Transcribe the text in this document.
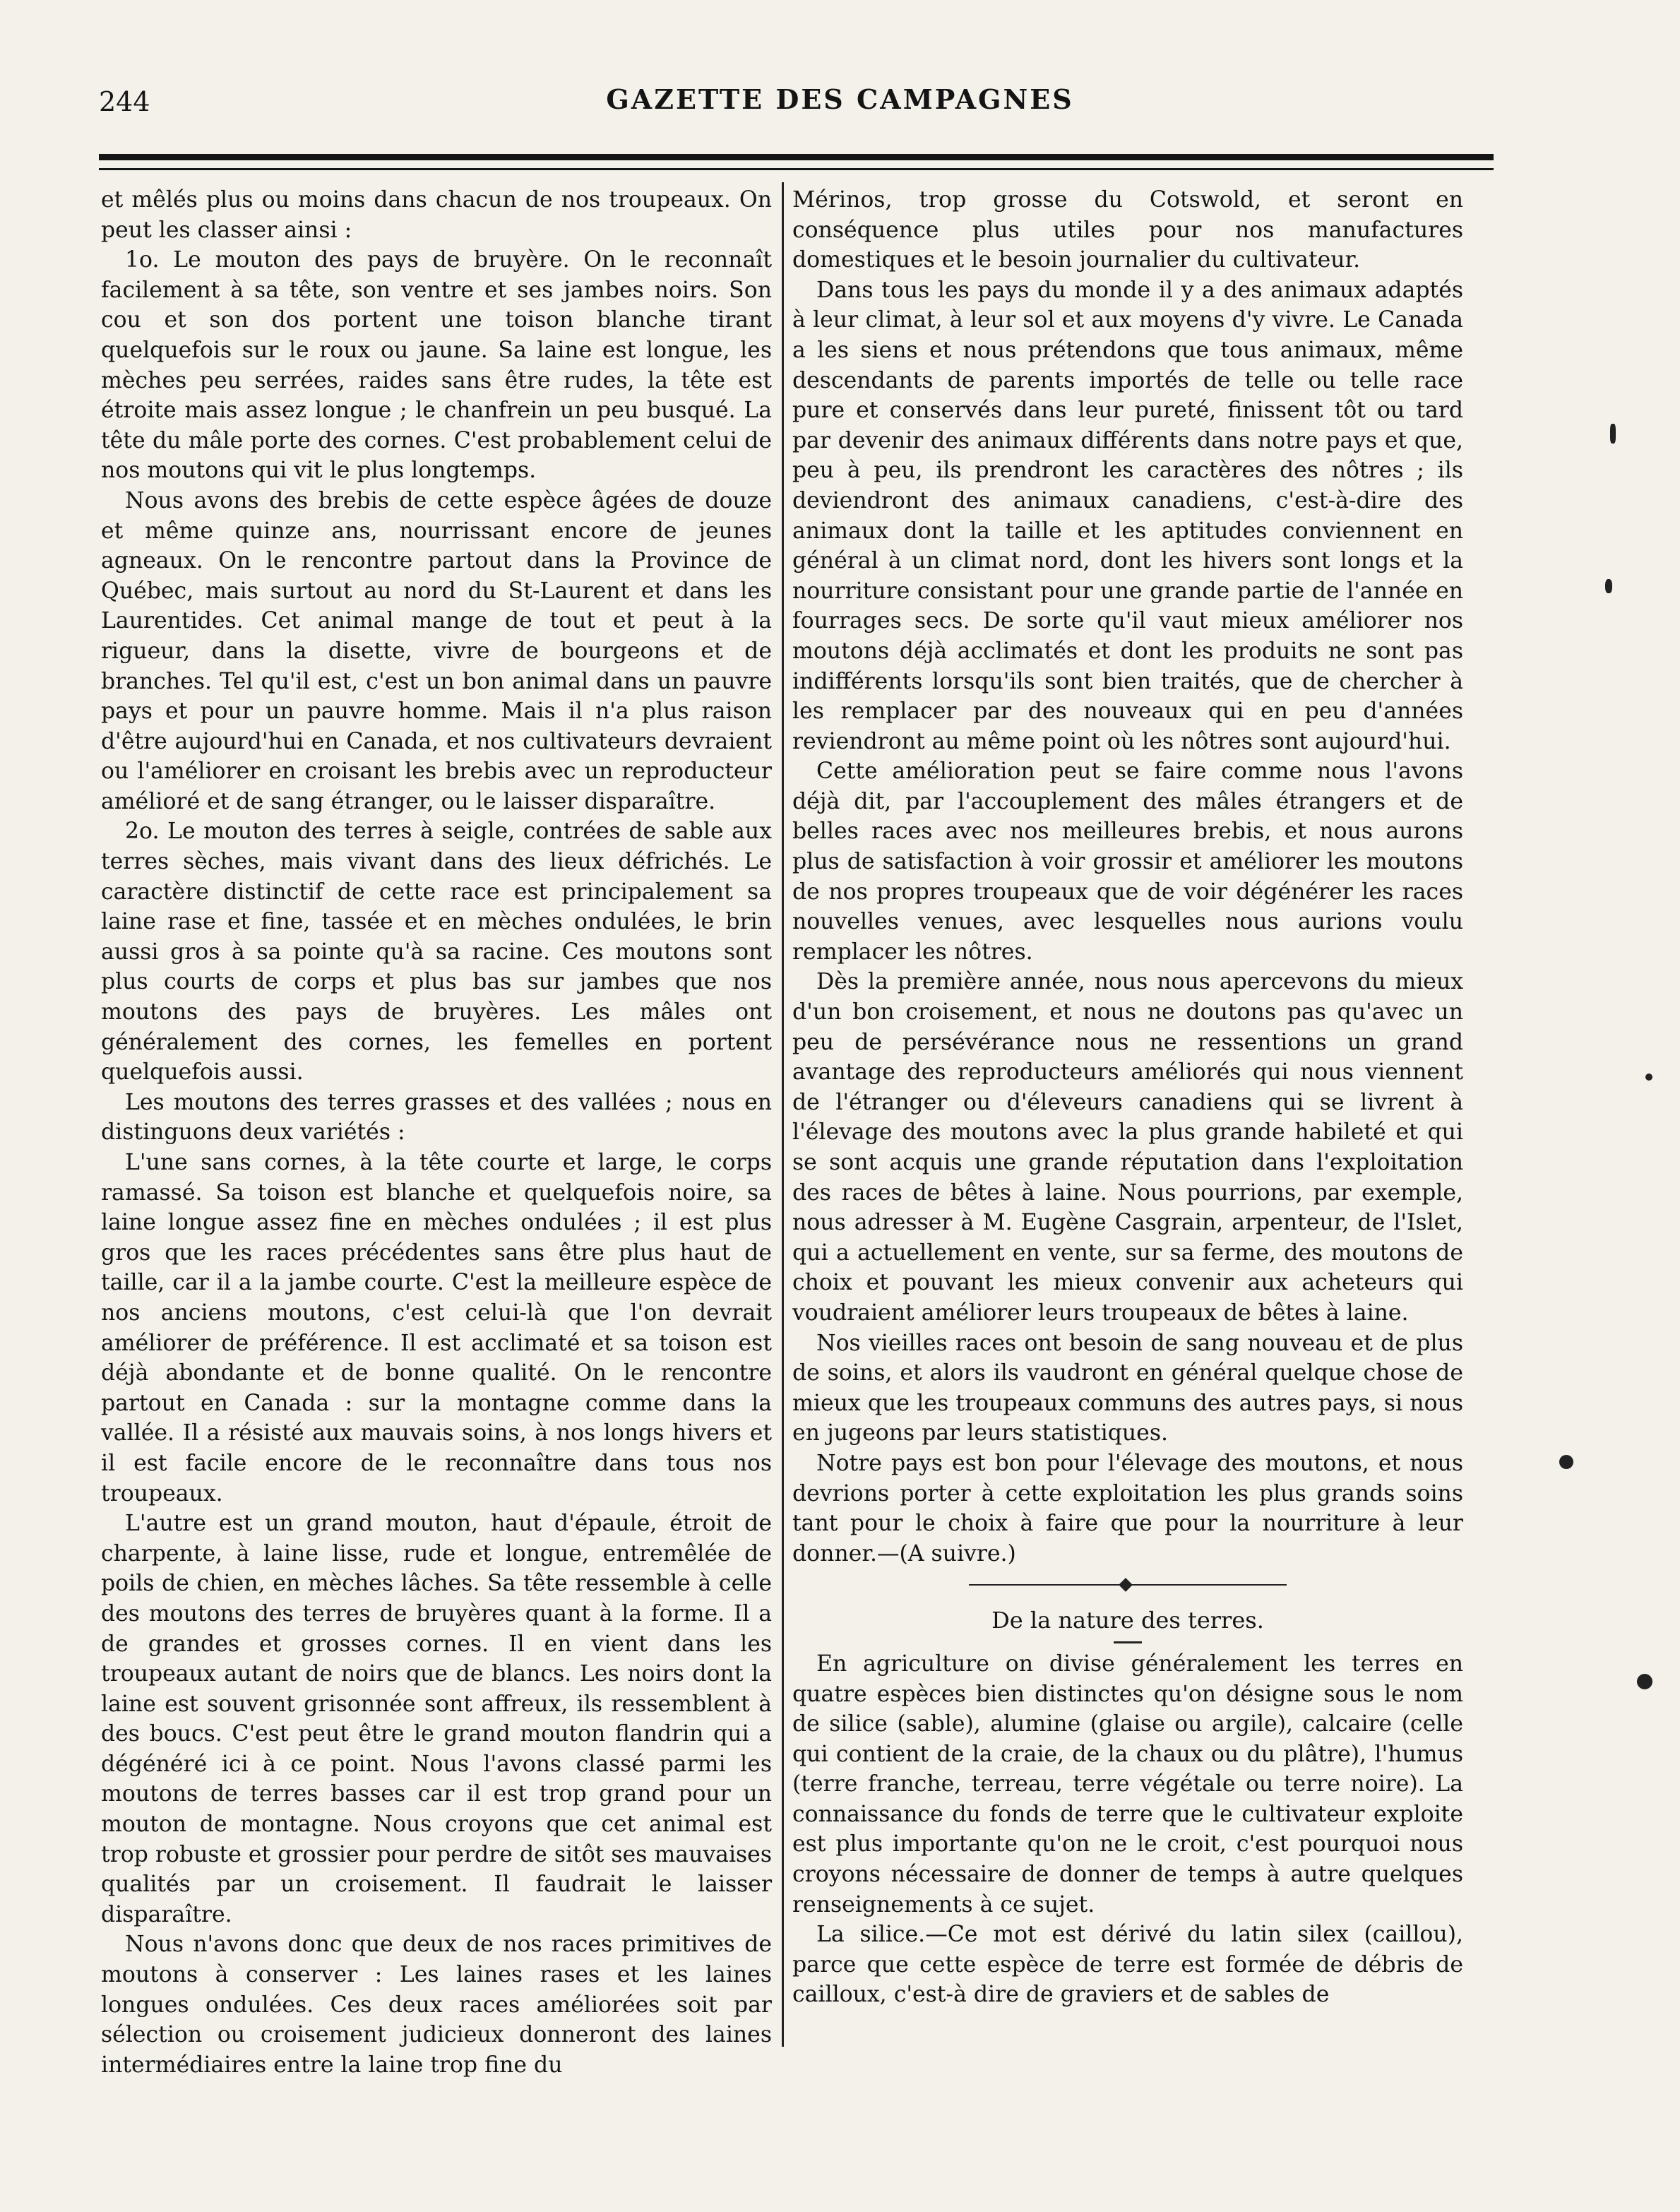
244	GAZETTE DES CAMPAGNES

et mêlés plus ou moins dans chacun de nos troupeaux. On peut les classer ainsi :

1o. Le mouton des pays de bruyère. On le reconnaît facilement à sa tête, son ventre et ses jambes noirs. Son cou et son dos portent une toison blanche tirant quelquefois sur le roux ou jaune. Sa laine est longue, les mèches peu serrées, raides sans être rudes, la tête est étroite mais assez longue ; le chanfrein un peu busqué. La tête du mâle porte des cornes. C'est probablement celui de nos moutons qui vit le plus longtemps.

Nous avons des brebis de cette espèce âgées de douze et même quinze ans, nourrissant encore de jeunes agneaux. On le rencontre partout dans la Province de Québec, mais surtout au nord du St-Laurent et dans les Laurentides. Cet animal mange de tout et peut à la rigueur, dans la disette, vivre de bourgeons et de branches. Tel qu'il est, c'est un bon animal dans un pauvre pays et pour un pauvre homme. Mais il n'a plus raison d'être aujourd'hui en Canada, et nos cultivateurs devraient ou l'améliorer en croisant les brebis avec un reproducteur amélioré et de sang étranger, ou le laisser disparaître.

2o. Le mouton des terres à seigle, contrées de sable aux terres sèches, mais vivant dans des lieux défrichés. Le caractère distinctif de cette race est principalement sa laine rase et fine, tassée et en mèches ondulées, le brin aussi gros à sa pointe qu'à sa racine. Ces moutons sont plus courts de corps et plus bas sur jambes que nos moutons des pays de bruyères. Les mâles ont généralement des cornes, les femelles en portent quelquefois aussi.

Les moutons des terres grasses et des vallées ; nous en distinguons deux variétés :

L'une sans cornes, à la tête courte et large, le corps ramassé. Sa toison est blanche et quelquefois noire, sa laine longue assez fine en mèches ondulées ; il est plus gros que les races précédentes sans être plus haut de taille, car il a la jambe courte. C'est la meilleure espèce de nos anciens moutons, c'est celui-là que l'on devrait améliorer de préférence. Il est acclimaté et sa toison est déjà abondante et de bonne qualité. On le rencontre partout en Canada : sur la montagne comme dans la vallée. Il a résisté aux mauvais soins, à nos longs hivers et il est facile encore de le reconnaître dans tous nos troupeaux.

L'autre est un grand mouton, haut d'épaule, étroit de charpente, à laine lisse, rude et longue, entremêlée de poils de chien, en mèches lâches. Sa tête ressemble à celle des moutons des terres de bruyères quant à la forme. Il a de grandes et grosses cornes. Il en vient dans les troupeaux autant de noirs que de blancs. Les noirs dont la laine est souvent grisonnée sont affreux, ils ressemblent à des boucs. C'est peut être le grand mouton flandrin qui a dégénéré ici à ce point. Nous l'avons classé parmi les moutons de terres basses car il est trop grand pour un mouton de montagne. Nous croyons que cet animal est trop robuste et grossier pour perdre de sitôt ses mauvaises qualités par un croisement. Il faudrait le laisser disparaître.

Nous n'avons donc que deux de nos races primitives de moutons à conserver : Les laines rases et les laines longues ondulées. Ces deux races améliorées soit par sélection ou croisement judicieux donneront des laines intermédiaires entre la laine trop fine du

Mérinos, trop grosse du Cotswold, et seront en conséquence plus utiles pour nos manufactures domestiques et le besoin journalier du cultivateur.

Dans tous les pays du monde il y a des animaux adaptés à leur climat, à leur sol et aux moyens d'y vivre. Le Canada a les siens et nous prétendons que tous animaux, même descendants de parents importés de telle ou telle race pure et conservés dans leur pureté, finissent tôt ou tard par devenir des animaux différents dans notre pays et que, peu à peu, ils prendront les caractères des nôtres ; ils deviendront des animaux canadiens, c'est-à-dire des animaux dont la taille et les aptitudes conviennent en général à un climat nord, dont les hivers sont longs et la nourriture consistant pour une grande partie de l'année en fourrages secs. De sorte qu'il vaut mieux améliorer nos moutons déjà acclimatés et dont les produits ne sont pas indifférents lorsqu'ils sont bien traités, que de chercher à les remplacer par des nouveaux qui en peu d'années reviendront au même point où les nôtres sont aujourd'hui.

Cette amélioration peut se faire comme nous l'avons déjà dit, par l'accouplement des mâles étrangers et de belles races avec nos meilleures brebis, et nous aurons plus de satisfaction à voir grossir et améliorer les moutons de nos propres troupeaux que de voir dégénérer les races nouvelles venues, avec lesquelles nous aurions voulu remplacer les nôtres.

Dès la première année, nous nous apercevons du mieux d'un bon croisement, et nous ne doutons pas qu'avec un peu de persévérance nous ne ressentions un grand avantage des reproducteurs améliorés qui nous viennent de l'étranger ou d'éleveurs canadiens qui se livrent à l'élevage des moutons avec la plus grande habileté et qui se sont acquis une grande réputation dans l'exploitation des races de bêtes à laine. Nous pourrions, par exemple, nous adresser à M. Eugène Casgrain, arpenteur, de l'Islet, qui a actuellement en vente, sur sa ferme, des moutons de choix et pouvant les mieux convenir aux acheteurs qui voudraient améliorer leurs troupeaux de bêtes à laine.

Nos vieilles races ont besoin de sang nouveau et de plus de soins, et alors ils vaudront en général quelque chose de mieux que les troupeaux communs des autres pays, si nous en jugeons par leurs statistiques.

Notre pays est bon pour l'élevage des moutons, et nous devrions porter à cette exploitation les plus grands soins tant pour le choix à faire que pour la nourriture à leur donner.—(A suivre.)

De la nature des terres.

En agriculture on divise généralement les terres en quatre espèces bien distinctes qu'on désigne sous le nom de silice (sable), alumine (glaise ou argile), calcaire (celle qui contient de la craie, de la chaux ou du plâtre), l'humus (terre franche, terreau, terre végétale ou terre noire). La connaissance du fonds de terre que le cultivateur exploite est plus importante qu'on ne le croit, c'est pourquoi nous croyons nécessaire de donner de temps à autre quelques renseignements à ce sujet.

La silice.—Ce mot est dérivé du latin silex (caillou), parce que cette espèce de terre est formée de débris de cailloux, c'est-à dire de graviers et de sables de
